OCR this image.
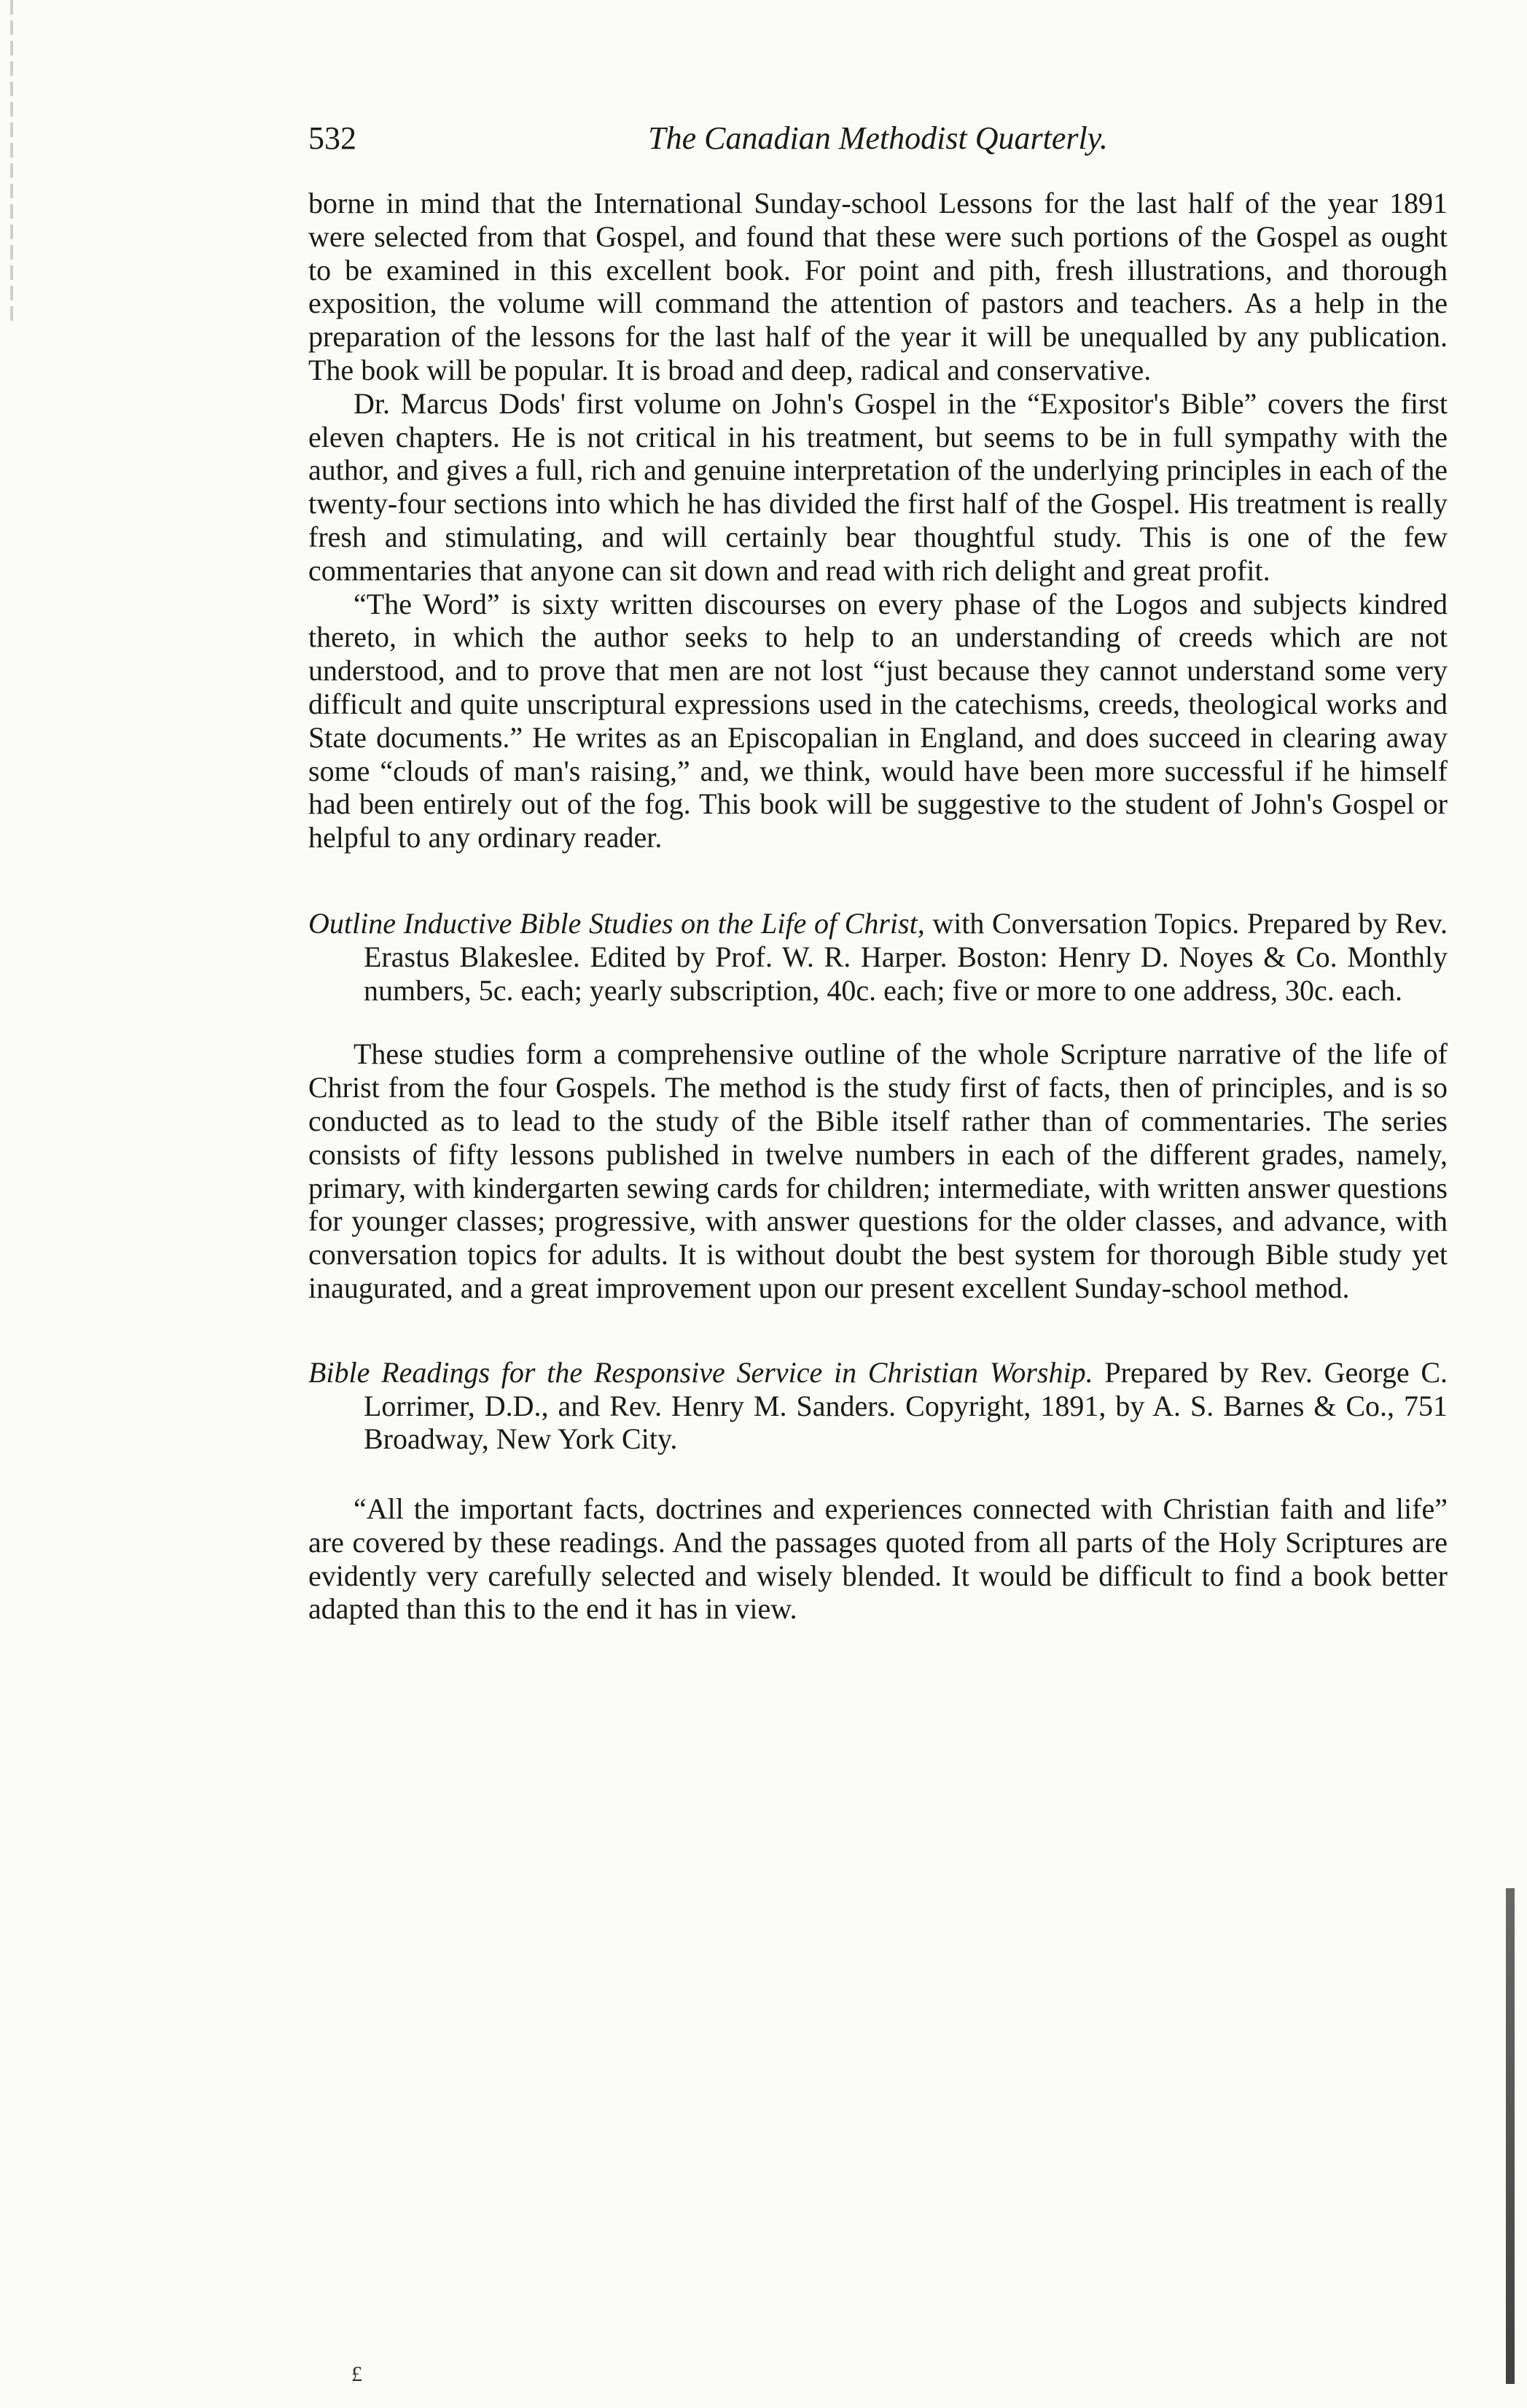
532	The Canadian Methodist Quarterly.

borne in mind that the International Sunday-school Lessons for the last half of the year 1891 were selected from that Gospel, and found that these were such portions of the Gospel as ought to be examined in this excellent book. For point and pith, fresh illustrations, and thorough exposition, the volume will command the attention of pastors and teachers. As a help in the preparation of the lessons for the last half of the year it will be unequalled by any publication. The book will be popular. It is broad and deep, radical and conservative.

Dr. Marcus Dods' first volume on John's Gospel in the “Expositor's Bible” covers the first eleven chapters. He is not critical in his treatment, but seems to be in full sympathy with the author, and gives a full, rich and genuine interpretation of the underlying principles in each of the twenty-four sections into which he has divided the first half of the Gospel. His treatment is really fresh and stimulating, and will certainly bear thoughtful study. This is one of the few commentaries that anyone can sit down and read with rich delight and great profit.

“The Word” is sixty written discourses on every phase of the Logos and subjects kindred thereto, in which the author seeks to help to an understanding of creeds which are not understood, and to prove that men are not lost “just because they cannot understand some very difficult and quite unscriptural expressions used in the catechisms, creeds, theological works and State documents.” He writes as an Episcopalian in England, and does succeed in clearing away some “clouds of man's raising,” and, we think, would have been more successful if he himself had been entirely out of the fog. This book will be suggestive to the student of John's Gospel or helpful to any ordinary reader.

Outline Inductive Bible Studies on the Life of Christ, with Conversation Topics. Prepared by Rev. Erastus Blakeslee. Edited by Prof. W. R. Harper. Boston: Henry D. Noyes & Co. Monthly numbers, 5c. each; yearly subscription, 40c. each; five or more to one address, 30c. each.

These studies form a comprehensive outline of the whole Scripture narrative of the life of Christ from the four Gospels. The method is the study first of facts, then of principles, and is so conducted as to lead to the study of the Bible itself rather than of commentaries. The series consists of fifty lessons published in twelve numbers in each of the different grades, namely, primary, with kindergarten sewing cards for children; intermediate, with written answer questions for younger classes; progressive, with answer questions for the older classes, and advance, with conversation topics for adults. It is without doubt the best system for thorough Bible study yet inaugurated, and a great improvement upon our present excellent Sunday-school method.

Bible Readings for the Responsive Service in Christian Worship. Prepared by Rev. George C. Lorrimer, D.D., and Rev. Henry M. Sanders. Copyright, 1891, by A. S. Barnes & Co., 751 Broadway, New York City.

“All the important facts, doctrines and experiences connected with Christian faith and life” are covered by these readings. And the passages quoted from all parts of the Holy Scriptures are evidently very carefully selected and wisely blended. It would be difficult to find a book better adapted than this to the end it has in view.

£
